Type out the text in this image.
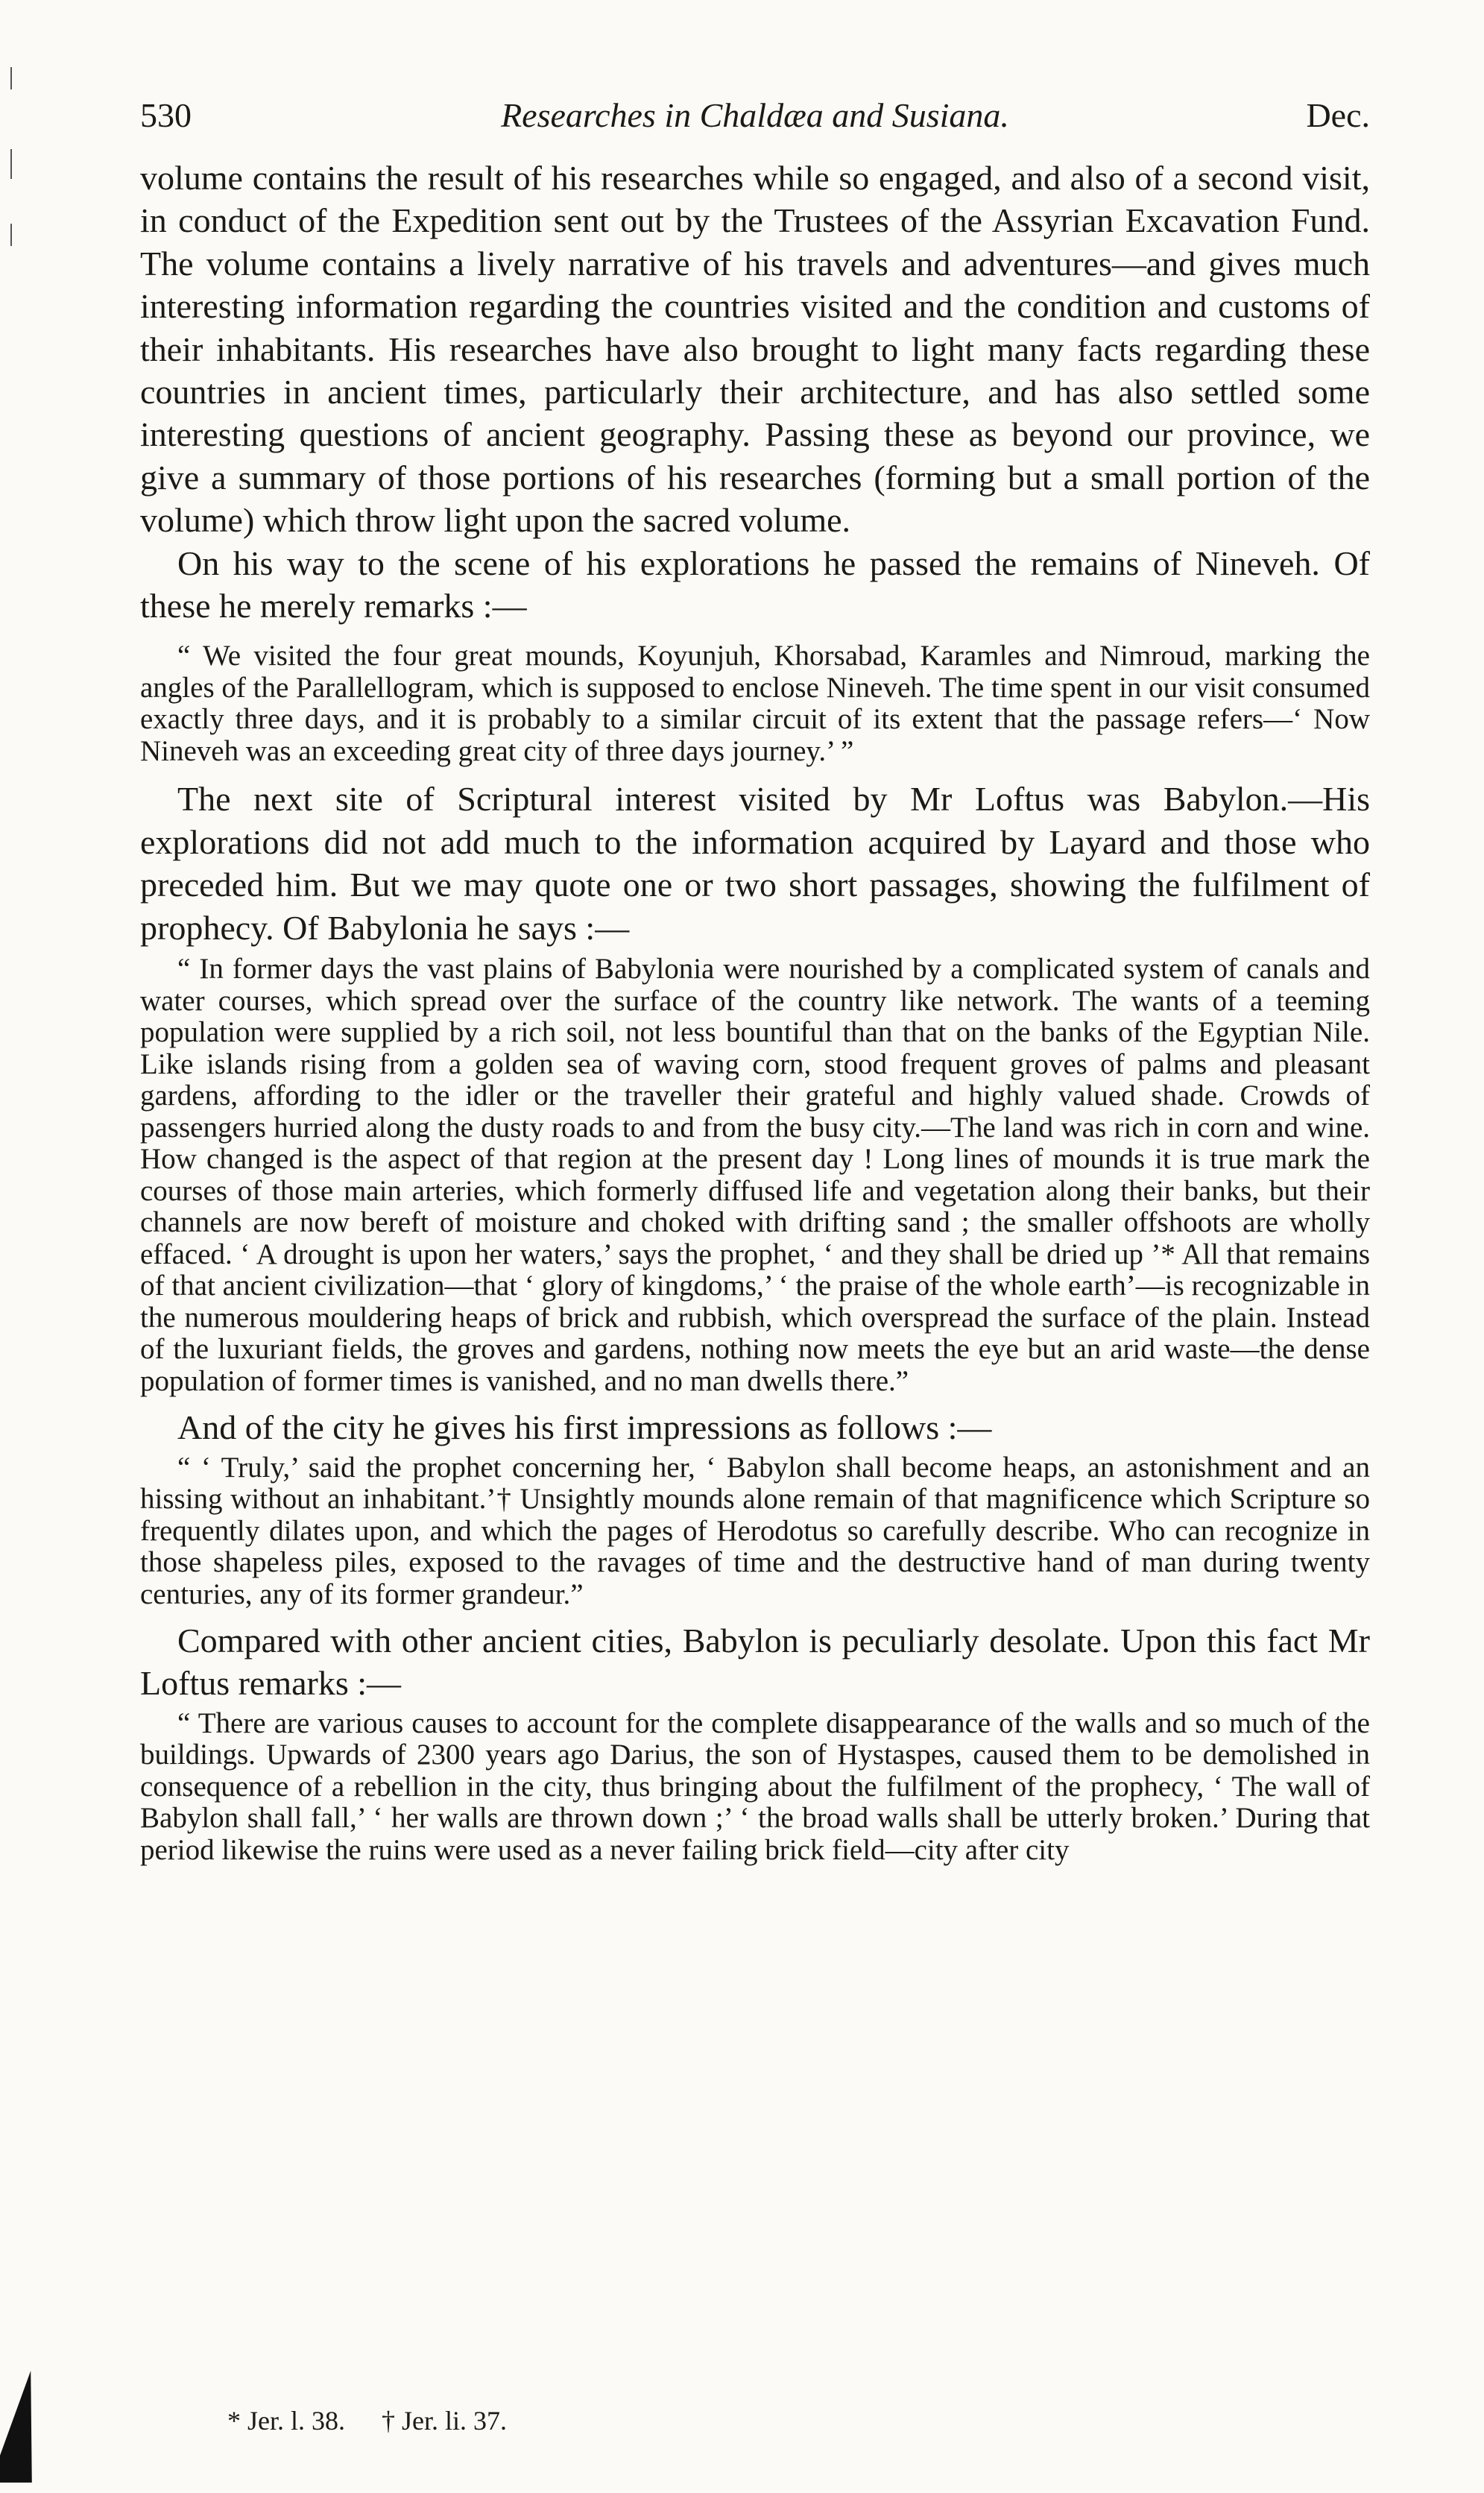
530	Researches in Chaldæa and Susiana.	Dec.

volume contains the result of his researches while so engaged, and also of a second visit, in conduct of the Expedition sent out by the Trustees of the Assyrian Excavation Fund. The volume contains a lively narrative of his travels and adventures—and gives much interesting information regarding the countries visited and the condition and customs of their inhabitants. His researches have also brought to light many facts regarding these countries in ancient times, particularly their architecture, and has also settled some interesting questions of ancient geography. Passing these as beyond our province, we give a summary of those portions of his researches (forming but a small portion of the volume) which throw light upon the sacred volume.

On his way to the scene of his explorations he passed the remains of Nineveh. Of these he merely remarks :—

“ We visited the four great mounds, Koyunjuh, Khorsabad, Karamles and Nimroud, marking the angles of the Parallellogram, which is supposed to enclose Nineveh. The time spent in our visit consumed exactly three days, and it is probably to a similar circuit of its extent that the passage refers—‘ Now Nineveh was an exceeding great city of three days journey.’ ”

The next site of Scriptural interest visited by Mr Loftus was Babylon.—His explorations did not add much to the information acquired by Layard and those who preceded him. But we may quote one or two short passages, showing the fulfilment of prophecy. Of Babylonia he says :—

“ In former days the vast plains of Babylonia were nourished by a complicated system of canals and water courses, which spread over the surface of the country like network. The wants of a teeming population were supplied by a rich soil, not less bountiful than that on the banks of the Egyptian Nile. Like islands rising from a golden sea of waving corn, stood frequent groves of palms and pleasant gardens, affording to the idler or the traveller their grateful and highly valued shade. Crowds of passengers hurried along the dusty roads to and from the busy city.—The land was rich in corn and wine. How changed is the aspect of that region at the present day ! Long lines of mounds it is true mark the courses of those main arteries, which formerly diffused life and vegetation along their banks, but their channels are now bereft of moisture and choked with drifting sand ; the smaller offshoots are wholly effaced. ‘ A drought is upon her waters,’ says the prophet, ‘ and they shall be dried up ’* All that remains of that ancient civilization—that ‘ glory of kingdoms,’ ‘ the praise of the whole earth’—is recognizable in the numerous mouldering heaps of brick and rubbish, which overspread the surface of the plain. Instead of the luxuriant fields, the groves and gardens, nothing now meets the eye but an arid waste—the dense population of former times is vanished, and no man dwells there.”

And of the city he gives his first impressions as follows :—

“ ‘ Truly,’ said the prophet concerning her, ‘ Babylon shall become heaps, an astonishment and an hissing without an inhabitant.’† Unsightly mounds alone remain of that magnificence which Scripture so frequently dilates upon, and which the pages of Herodotus so carefully describe. Who can recognize in those shapeless piles, exposed to the ravages of time and the destructive hand of man during twenty centuries, any of its former grandeur.”

Compared with other ancient cities, Babylon is peculiarly desolate. Upon this fact Mr Loftus remarks :—

“ There are various causes to account for the complete disappearance of the walls and so much of the buildings. Upwards of 2300 years ago Darius, the son of Hystaspes, caused them to be demolished in consequence of a rebellion in the city, thus bringing about the fulfilment of the prophecy, ‘ The wall of Babylon shall fall,’ ‘ her walls are thrown down ;’ ‘ the broad walls shall be utterly broken.’ During that period likewise the ruins were used as a never failing brick field—city after city

* Jer. l. 38. † Jer. li. 37.
